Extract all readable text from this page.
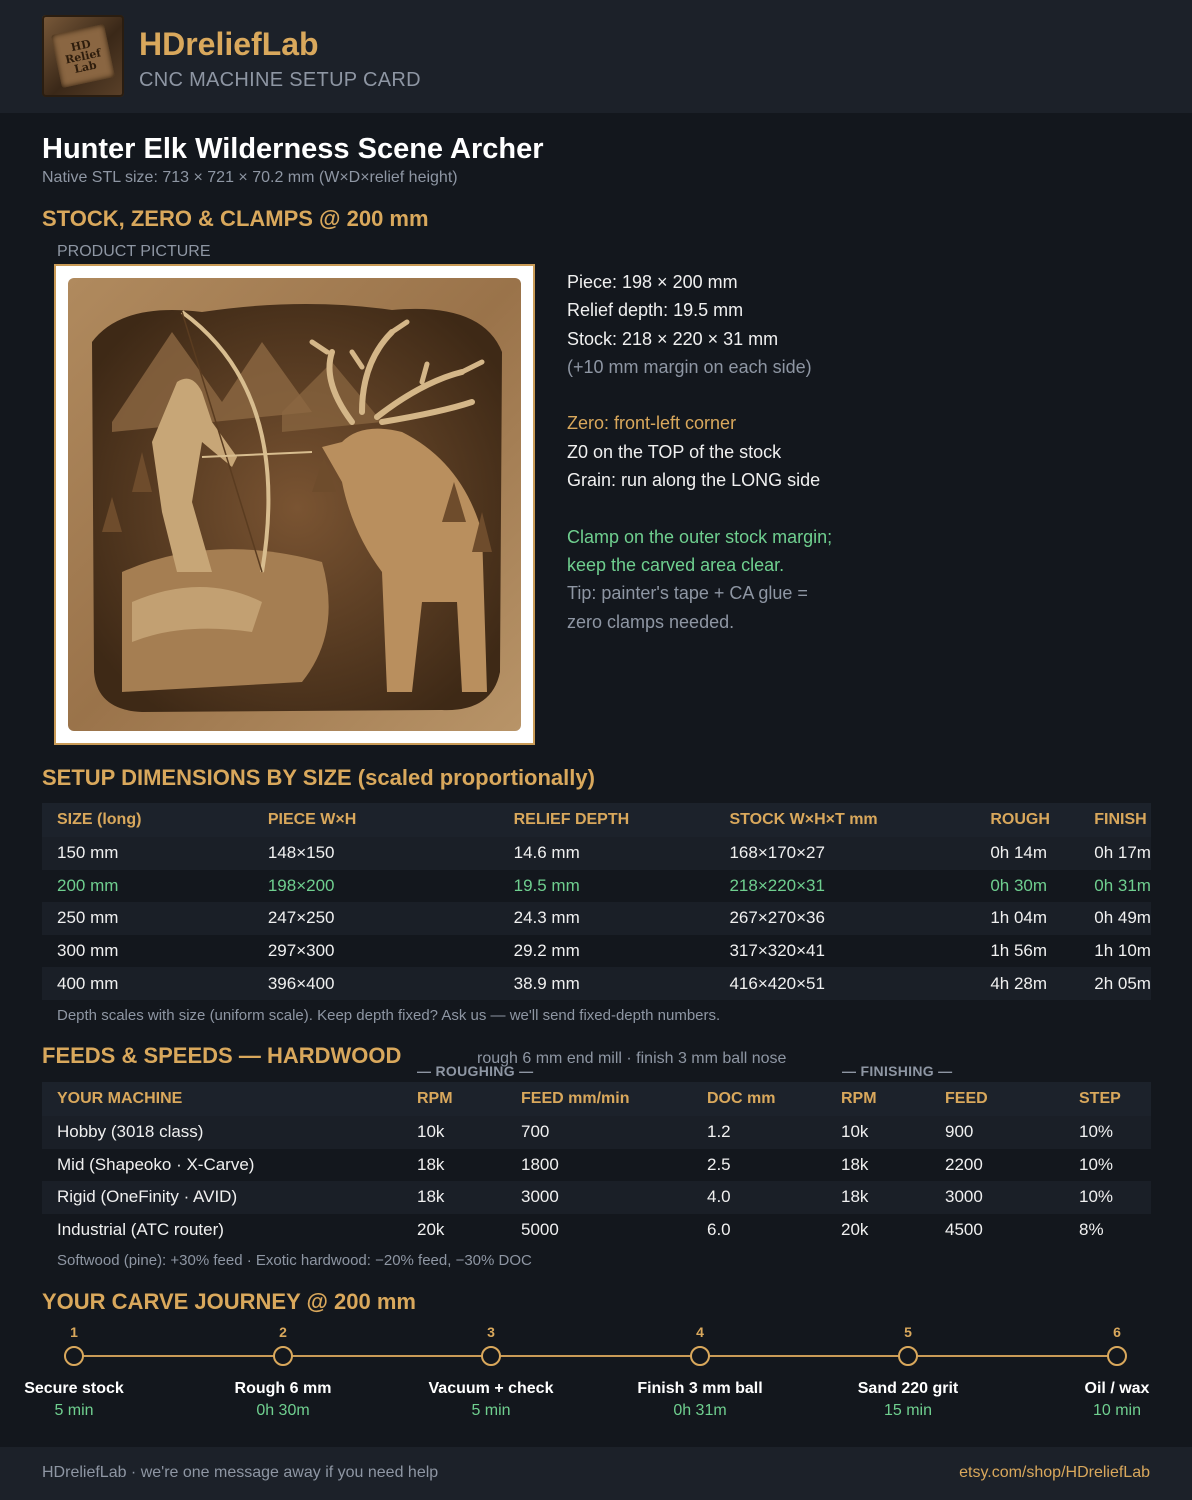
HD Relief Lab
HDreliefLab
CNC MACHINE SETUP CARD
Hunter Elk Wilderness Scene Archer
Native STL size: 713 × 721 × 70.2 mm (W×D×relief height)
STOCK, ZERO & CLAMPS @ 200 mm
PRODUCT PICTURE
Piece: 198 × 200 mm
Relief depth: 19.5 mm
Stock: 218 × 220 × 31 mm
(+10 mm margin on each side)
Zero: front-left corner
Z0 on the TOP of the stock
Grain: run along the LONG side
Clamp on the outer stock margin;
keep the carved area clear.
Tip: painter's tape + CA glue =
zero clamps needed.
SETUP DIMENSIONS BY SIZE (scaled proportionally)
SIZE (long)	PIECE W×H	RELIEF DEPTH	STOCK W×H×T mm	ROUGH	FINISH
150 mm	148×150	14.6 mm	168×170×27	0h 14m	0h 17m
200 mm	198×200	19.5 mm	218×220×31	0h 30m	0h 31m
250 mm	247×250	24.3 mm	267×270×36	1h 04m	0h 49m
300 mm	297×300	29.2 mm	317×320×41	1h 56m	1h 10m
400 mm	396×400	38.9 mm	416×420×51	4h 28m	2h 05m
Depth scales with size (uniform scale). Keep depth fixed? Ask us — we'll send fixed-depth numbers.
FEEDS & SPEEDS — HARDWOOD	rough 6 mm end mill · finish 3 mm ball nose
— ROUGHING —	— FINISHING —
YOUR MACHINE	RPM	FEED mm/min	DOC mm	RPM	FEED	STEP
Hobby (3018 class)	10k	700	1.2	10k	900	10%
Mid (Shapeoko · X-Carve)	18k	1800	2.5	18k	2200	10%
Rigid (OneFinity · AVID)	18k	3000	4.0	18k	3000	10%
Industrial (ATC router)	20k	5000	6.0	20k	4500	8%
Softwood (pine): +30% feed · Exotic hardwood: −20% feed, −30% DOC
YOUR CARVE JOURNEY @ 200 mm
1
Secure stock
5 min
2
Rough 6 mm
0h 30m
3
Vacuum + check
5 min
4
Finish 3 mm ball
0h 31m
5
Sand 220 grit
15 min
6
Oil / wax
10 min
HDreliefLab · we're one message away if you need help	etsy.com/shop/HDreliefLab
